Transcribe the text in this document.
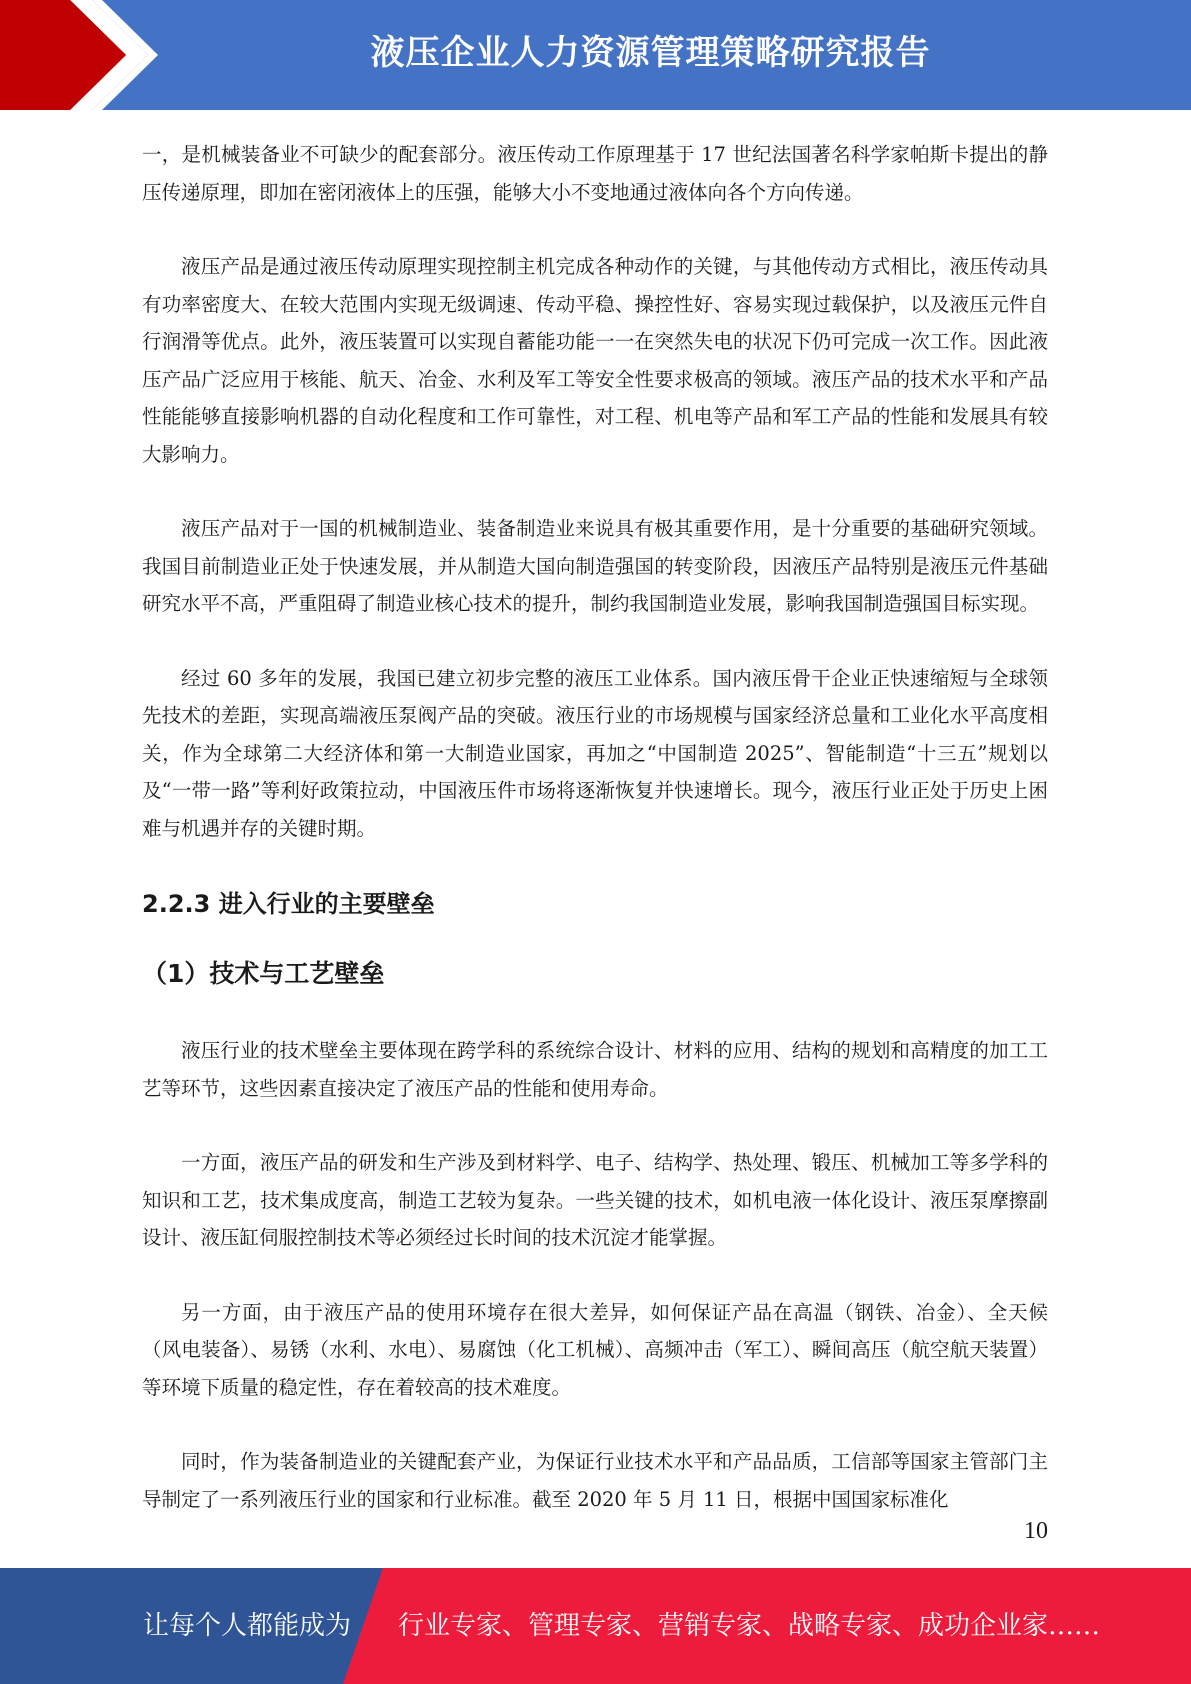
液压企业人力资源管理策略研究报告

一，是机械装备业不可缺少的配套部分。液压传动工作原理基于 17 世纪法国著名科学家帕斯卡提出的静压传递原理，即加在密闭液体上的压强，能够大小不变地通过液体向各个方向传递。

液压产品是通过液压传动原理实现控制主机完成各种动作的关键，与其他传动方式相比，液压传动具有功率密度大、在较大范围内实现无级调速、传动平稳、操控性好、容易实现过载保护，以及液压元件自行润滑等优点。此外，液压装置可以实现自蓄能功能一一在突然失电的状况下仍可完成一次工作。因此液压产品广泛应用于核能、航天、冶金、水利及军工等安全性要求极高的领域。液压产品的技术水平和产品性能能够直接影响机器的自动化程度和工作可靠性，对工程、机电等产品和军工产品的性能和发展具有较大影响力。

液压产品对于一国的机械制造业、装备制造业来说具有极其重要作用，是十分重要的基础研究领域。我国目前制造业正处于快速发展，并从制造大国向制造强国的转变阶段，因液压产品特别是液压元件基础研究水平不高，严重阻碍了制造业核心技术的提升，制约我国制造业发展，影响我国制造强国目标实现。

经过 60 多年的发展，我国已建立初步完整的液压工业体系。国内液压骨干企业正快速缩短与全球领先技术的差距，实现高端液压泵阀产品的突破。液压行业的市场规模与国家经济总量和工业化水平高度相关，作为全球第二大经济体和第一大制造业国家，再加之“中国制造 2025”、智能制造“十三五”规划以及“一带一路”等利好政策拉动，中国液压件市场将逐渐恢复并快速增长。现今，液压行业正处于历史上困难与机遇并存的关键时期。

2.2.3 进入行业的主要壁垒
（1）技术与工艺壁垒

液压行业的技术壁垒主要体现在跨学科的系统综合设计、材料的应用、结构的规划和高精度的加工工艺等环节，这些因素直接决定了液压产品的性能和使用寿命。

一方面，液压产品的研发和生产涉及到材料学、电子、结构学、热处理、锻压、机械加工等多学科的知识和工艺，技术集成度高，制造工艺较为复杂。一些关键的技术，如机电液一体化设计、液压泵摩擦副设计、液压缸伺服控制技术等必须经过长时间的技术沉淀才能掌握。

另一方面，由于液压产品的使用环境存在很大差异，如何保证产品在高温（钢铁、冶金）、全天候（风电装备）、易锈（水利、水电）、易腐蚀（化工机械）、高频冲击（军工）、瞬间高压（航空航天装置）等环境下质量的稳定性，存在着较高的技术难度。

同时，作为装备制造业的关键配套产业，为保证行业技术水平和产品品质，工信部等国家主管部门主导制定了一系列液压行业的国家和行业标准。截至 2020 年 5 月 11 日，根据中国国家标准化

10
让每个人都能成为 行业专家、管理专家、营销专家、战略专家、成功企业家……
